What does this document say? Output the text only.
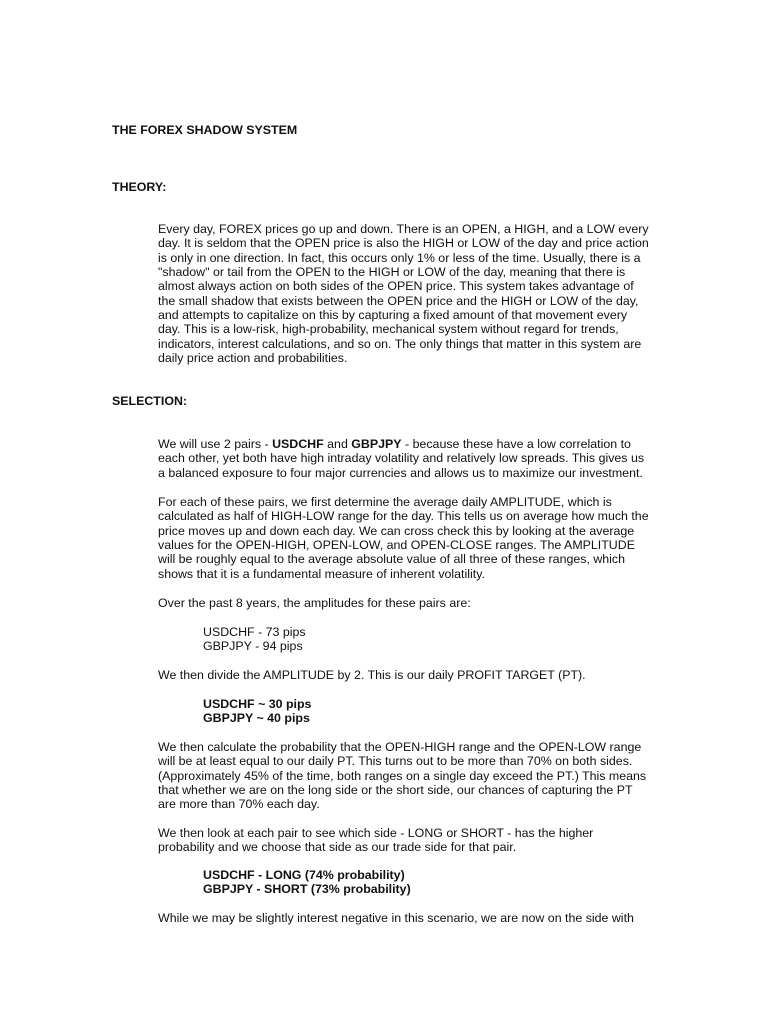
THE FOREX SHADOW SYSTEM
THEORY:
Every day, FOREX prices go up and down. There is an OPEN, a HIGH, and a LOW every
day. It is seldom that the OPEN price is also the HIGH or LOW of the day and price action
is only in one direction. In fact, this occurs only 1% or less of the time. Usually, there is a
"shadow" or tail from the OPEN to the HIGH or LOW of the day, meaning that there is
almost always action on both sides of the OPEN price. This system takes advantage of
the small shadow that exists between the OPEN price and the HIGH or LOW of the day,
and attempts to capitalize on this by capturing a fixed amount of that movement every
day. This is a low-risk, high-probability, mechanical system without regard for trends,
indicators, interest calculations, and so on. The only things that matter in this system are
daily price action and probabilities.
SELECTION:
We will use 2 pairs - USDCHF and GBPJPY - because these have a low correlation to
each other, yet both have high intraday volatility and relatively low spreads. This gives us
a balanced exposure to four major currencies and allows us to maximize our investment.
For each of these pairs, we first determine the average daily AMPLITUDE, which is
calculated as half of HIGH-LOW range for the day. This tells us on average how much the
price moves up and down each day. We can cross check this by looking at the average
values for the OPEN-HIGH, OPEN-LOW, and OPEN-CLOSE ranges. The AMPLITUDE
will be roughly equal to the average absolute value of all three of these ranges, which
shows that it is a fundamental measure of inherent volatility.
Over the past 8 years, the amplitudes for these pairs are:
USDCHF - 73 pips
GBPJPY - 94 pips
We then divide the AMPLITUDE by 2. This is our daily PROFIT TARGET (PT).
USDCHF ~ 30 pips
GBPJPY ~ 40 pips
We then calculate the probability that the OPEN-HIGH range and the OPEN-LOW range
will be at least equal to our daily PT. This turns out to be more than 70% on both sides.
(Approximately 45% of the time, both ranges on a single day exceed the PT.) This means
that whether we are on the long side or the short side, our chances of capturing the PT
are more than 70% each day.
We then look at each pair to see which side - LONG or SHORT - has the higher
probability and we choose that side as our trade side for that pair.
USDCHF - LONG (74% probability)
GBPJPY - SHORT (73% probability)
While we may be slightly interest negative in this scenario, we are now on the side with
